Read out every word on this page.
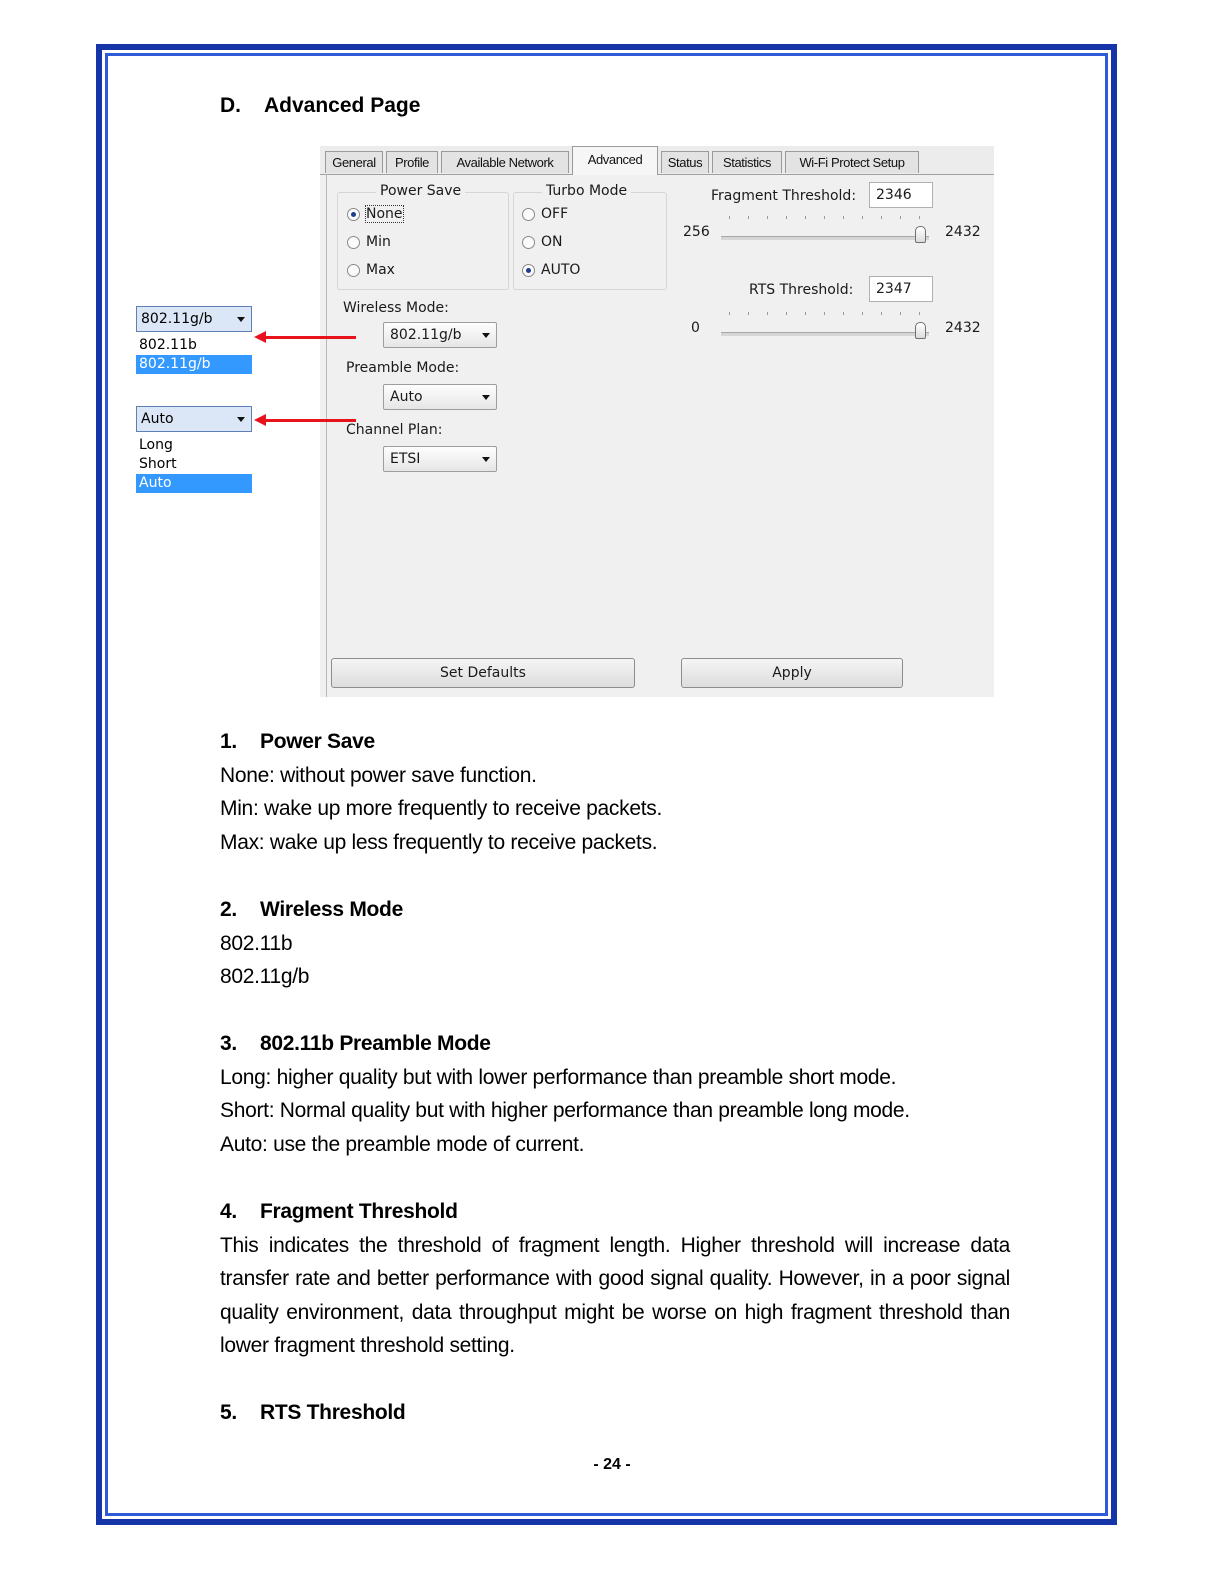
D. Advanced Page
General	Profile	Available Network	Advanced	Status	Statistics	Wi-Fi Protect Setup
Power Save
None
Min
Max
Turbo Mode
OFF
ON
AUTO
Fragment Threshold:	2346
256	2432
RTS Threshold:	2347
0	2432
Wireless Mode:
802.11g/b
Preamble Mode:
Auto
Channel Plan:
ETSI
Set Defaults	Apply
802.11g/b
802.11b
802.11g/b
Auto
Long
Short
Auto

1. Power Save

None: without power save function.

Min: wake up more frequently to receive packets.

Max: wake up less frequently to receive packets.

2. Wireless Mode

802.11b

802.11g/b

3. 802.11b Preamble Mode

Long: higher quality but with lower performance than preamble short mode.

Short: Normal quality but with higher performance than preamble long mode.

Auto: use the preamble mode of current.

4. Fragment Threshold

This indicates the threshold of fragment length. Higher threshold will increase data transfer rate and better performance with good signal quality. However, in a poor signal quality environment, data throughput might be worse on high fragment threshold than lower fragment threshold setting.

5. RTS Threshold

- 24 -
